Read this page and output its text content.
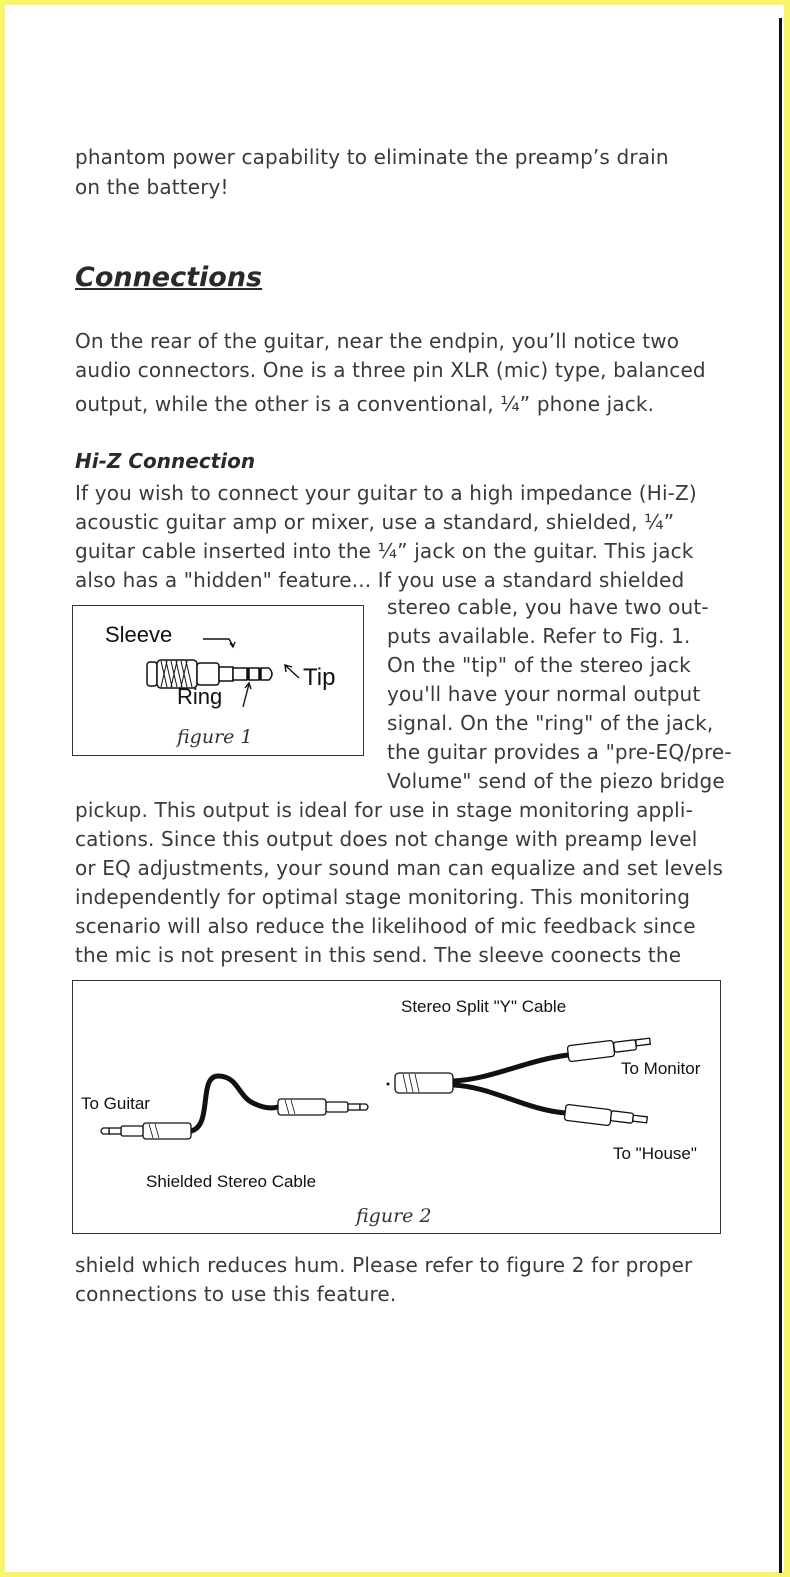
phantom power capability to eliminate the preamp’s drain

on the battery!

Connections

On the rear of the guitar, near the endpin, you’ll notice two

audio connectors. One is a three pin XLR (mic) type, balanced

output, while the other is a conventional, ¼” phone jack.

Hi-Z Connection

If you wish to connect your guitar to a high impedance (Hi-Z)

acoustic guitar amp or mixer, use a standard, shielded, ¼”

guitar cable inserted into the ¼” jack on the guitar. This jack

also has a "hidden" feature... If you use a standard shielded

stereo cable, you have two out-

puts available. Refer to Fig. 1.

On the "tip" of the stereo jack

you'll have your normal output

signal. On the "ring" of the jack,

the guitar provides a "pre-EQ/pre-

Volume" send of the piezo bridge

pickup. This output is ideal for use in stage monitoring appli-

cations. Since this output does not change with preamp level

or EQ adjustments, your sound man can equalize and set levels

independently for optimal stage monitoring. This monitoring

scenario will also reduce the likelihood of mic feedback since

the mic is not present in this send. The sleeve coonects the

Sleeve
Ring
Tip
figure 1
Stereo Split "Y" Cable
To Monitor
To Guitar
To "House"
Shielded Stereo Cable
figure 2

shield which reduces hum. Please refer to figure 2 for proper

connections to use this feature.
